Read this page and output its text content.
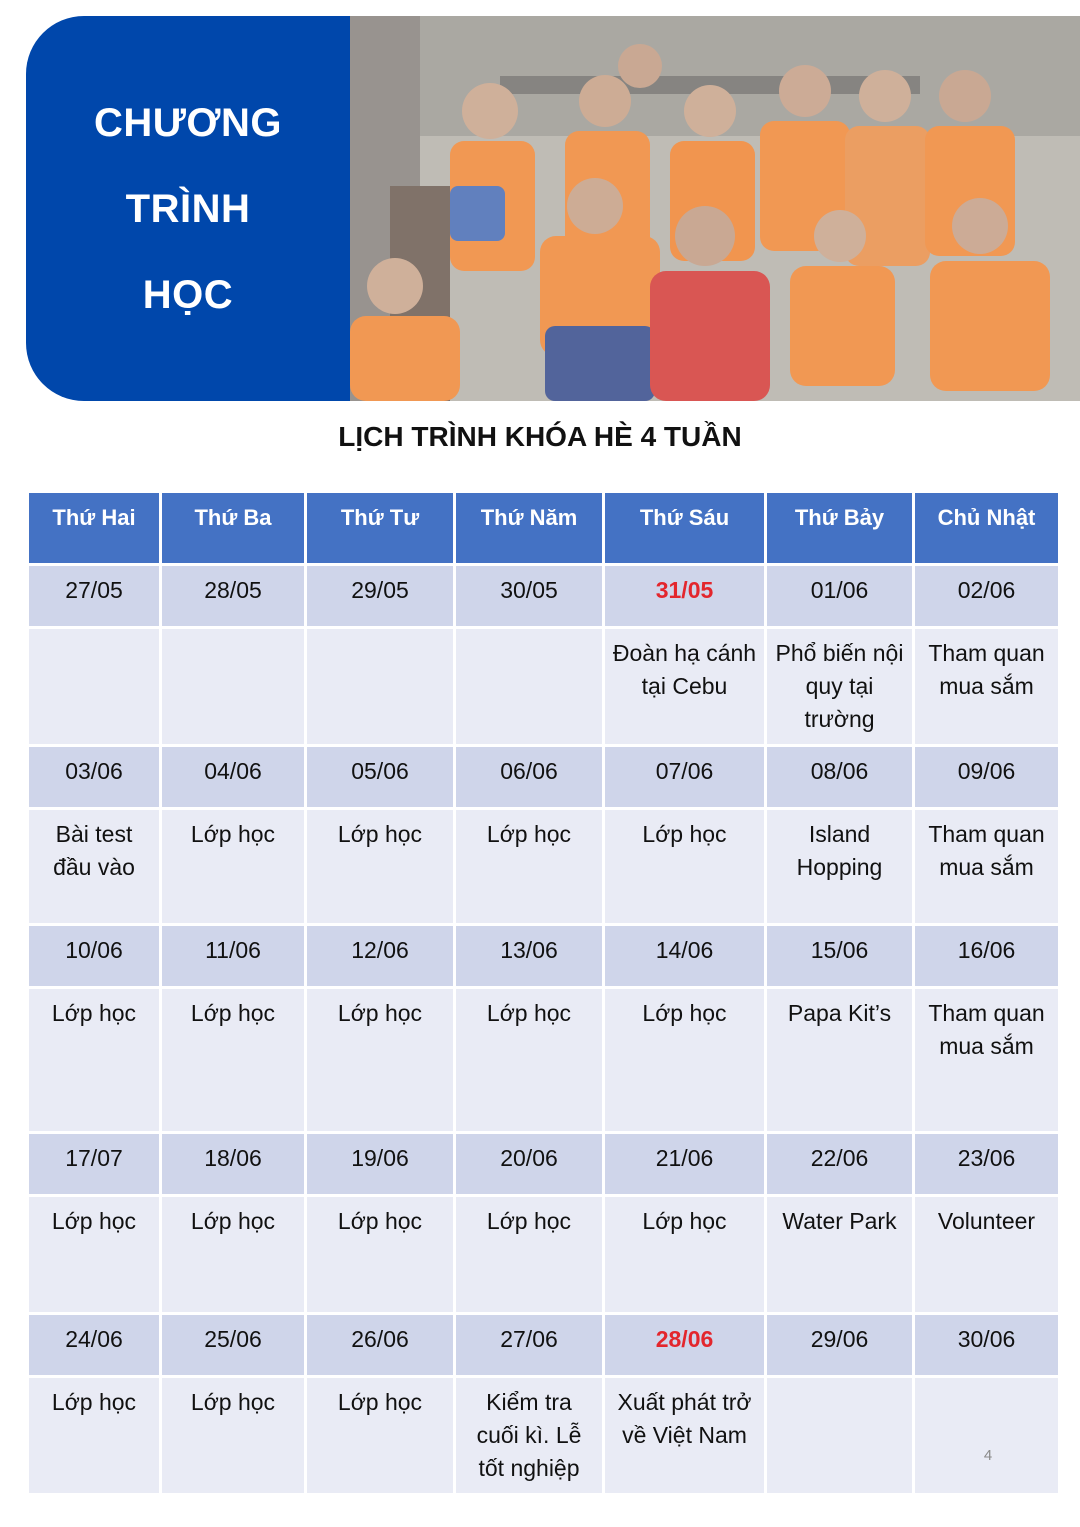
CHƯƠNG
TRÌNH
HỌC
LỊCH TRÌNH KHÓA HÈ 4 TUẦN
Thứ Hai	Thứ Ba	Thứ Tư	Thứ Năm	Thứ Sáu	Thứ Bảy	Chủ Nhật
27/05	28/05	29/05	30/05	31/05	01/06	02/06
				Đoàn hạ cánh tại Cebu	Phổ biến nội quy tại trường	Tham quan mua sắm
03/06	04/06	05/06	06/06	07/06	08/06	09/06
Bài test đầu vào	Lớp học	Lớp học	Lớp học	Lớp học	Island Hopping	Tham quan mua sắm
10/06	11/06	12/06	13/06	14/06	15/06	16/06
Lớp học	Lớp học	Lớp học	Lớp học	Lớp học	Papa Kit’s	Tham quan mua sắm
17/07	18/06	19/06	20/06	21/06	22/06	23/06
Lớp học	Lớp học	Lớp học	Lớp học	Lớp học	Water Park	Volunteer
24/06	25/06	26/06	27/06	28/06	29/06	30/06
Lớp học	Lớp học	Lớp học	Kiểm tra cuối kì. Lễ tốt nghiệp	Xuất phát trở về Việt Nam		
4
